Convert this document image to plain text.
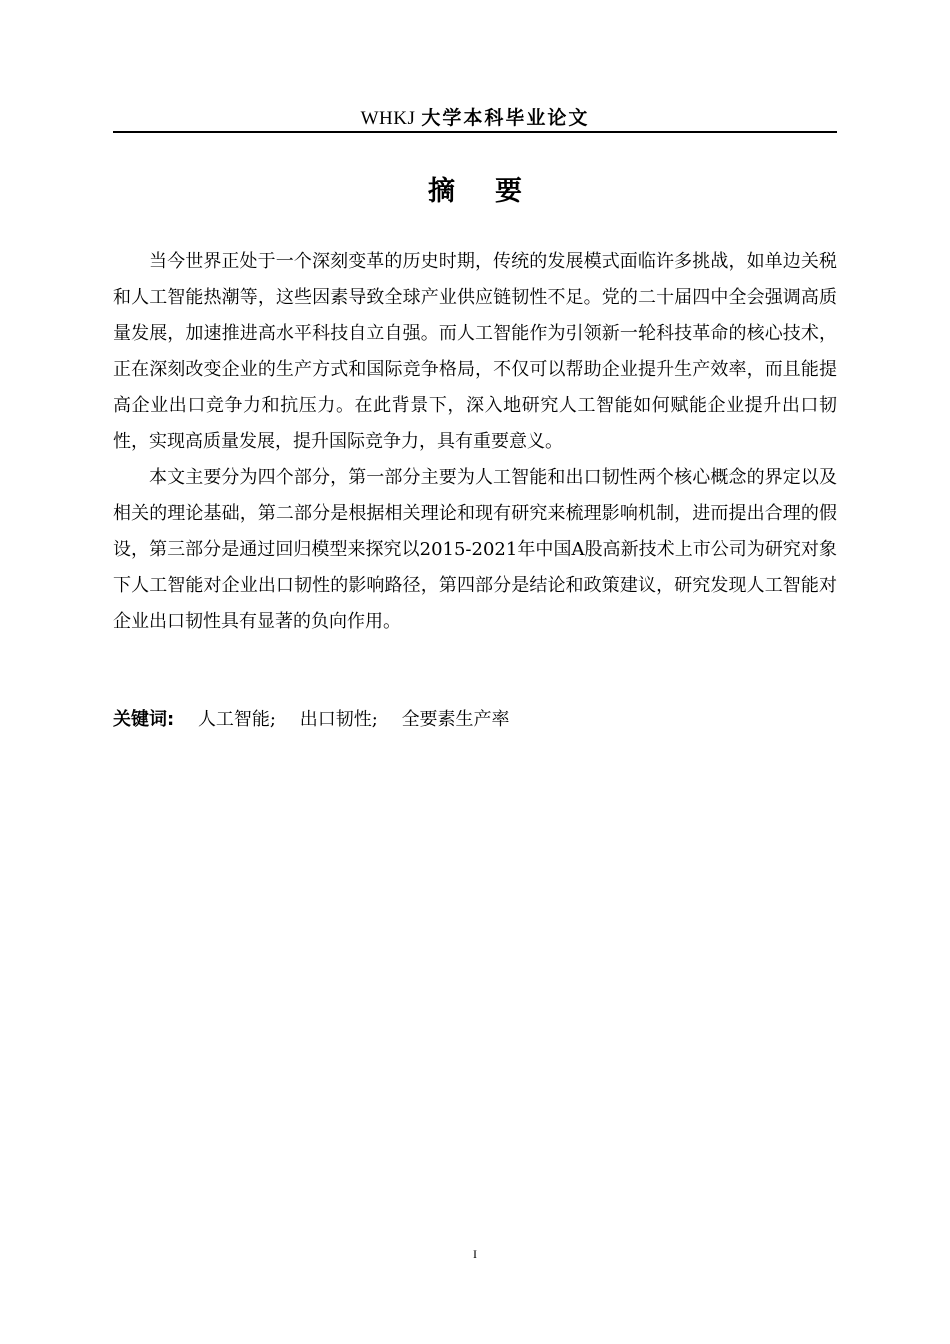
WHKJ 大学本科毕业论文
摘要

当今世界正处于一个深刻变革的历史时期，传统的发展模式面临许多挑战，如单边关税和人工智能热潮等，这些因素导致全球产业供应链韧性不足。党的二十届四中全会强调高质量发展，加速推进高水平科技自立自强。而人工智能作为引领新一轮科技革命的核心技术，正在深刻改变企业的生产方式和国际竞争格局，不仅可以帮助企业提升生产效率，而且能提高企业出口竞争力和抗压力。在此背景下，深入地研究人工智能如何赋能企业提升出口韧性，实现高质量发展，提升国际竞争力，具有重要意义。

本文主要分为四个部分，第一部分主要为人工智能和出口韧性两个核心概念的界定以及相关的理论基础，第二部分是根据相关理论和现有研究来梳理影响机制，进而提出合理的假设，第三部分是通过回归模型来探究以2015-2021年中国A股高新技术上市公司为研究对象下人工智能对企业出口韧性的影响路径，第四部分是结论和政策建议，研究发现人工智能对企业出口韧性具有显著的负向作用。

关键词: 人工智能; 出口韧性; 全要素生产率
I
